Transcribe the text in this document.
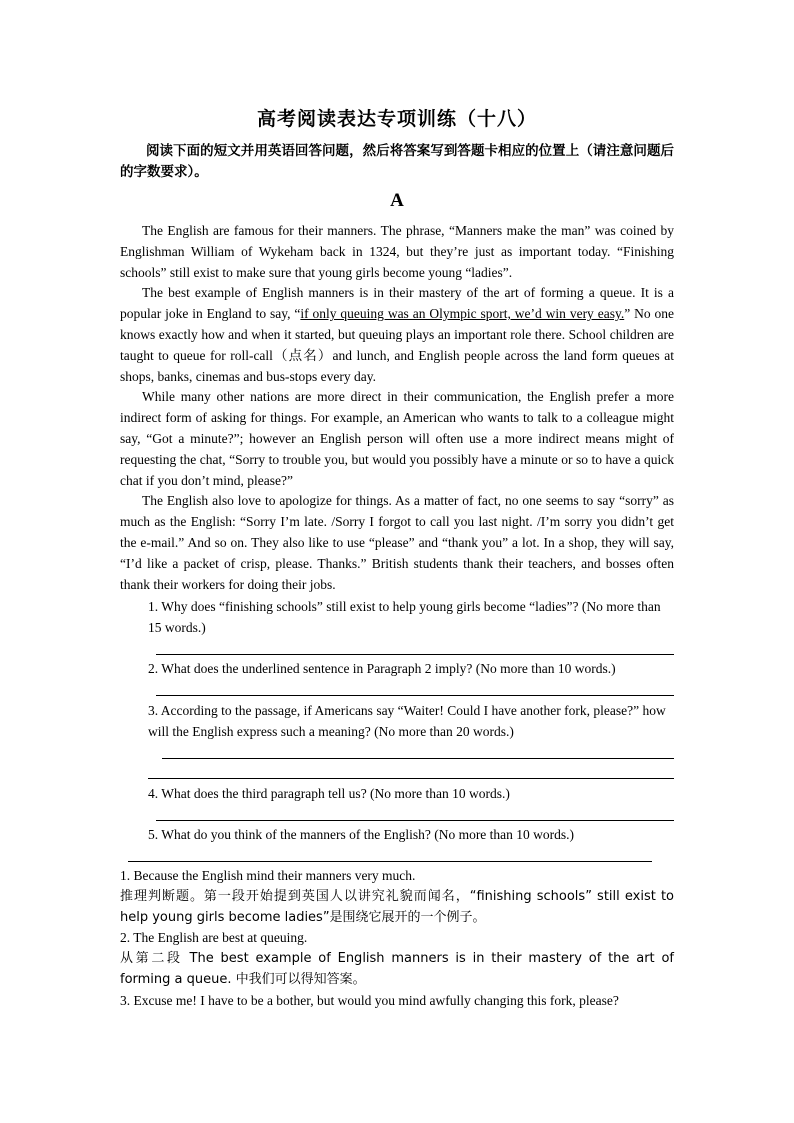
高考阅读表达专项训练（十八）
阅读下面的短文并用英语回答问题，然后将答案写到答题卡相应的位置上（请注意问题后的字数要求）。
A

The English are famous for their manners. The phrase, “Manners make the man” was coined by Englishman William of Wykeham back in 1324, but they’re just as important today. “Finishing schools” still exist to make sure that young girls become young “ladies”.

The best example of English manners is in their mastery of the art of forming a queue. It is a popular joke in England to say, “if only queuing was an Olympic sport, we’d win very easy.” No one knows exactly how and when it started, but queuing plays an important role there. School children are taught to queue for roll-call（点名）and lunch, and English people across the land form queues at shops, banks, cinemas and bus-stops every day.

While many other nations are more direct in their communication, the English prefer a more indirect form of asking for things. For example, an American who wants to talk to a colleague might say, “Got a minute?”; however an English person will often use a more indirect means might of requesting the chat, “Sorry to trouble you, but would you possibly have a minute or so to have a quick chat if you don’t mind, please?”

The English also love to apologize for things. As a matter of fact, no one seems to say “sorry” as much as the English: “Sorry I’m late. /Sorry I forgot to call you last night. /I’m sorry you didn’t get the e-mail.” And so on. They also like to use “please” and “thank you” a lot. In a shop, they will say, “I’d like a packet of crisp, please. Thanks.” British students thank their teachers, and bosses often thank their workers for doing their jobs.

1. Why does “finishing schools” still exist to help young girls become “ladies”? (No more than 15 words.)
2. What does the underlined sentence in Paragraph 2 imply? (No more than 10 words.)
3. According to the passage, if Americans say “Waiter! Could I have another fork, please?” how will the English express such a meaning? (No more than 20 words.)
4. What does the third paragraph tell us? (No more than 10 words.)
5. What do you think of the manners of the English? (No more than 10 words.)

1. Because the English mind their manners very much.

推理判断题。第一段开始提到英国人以讲究礼貌而闻名，“finishing schools” still exist to help young girls become ladies”是围绕它展开的一个例子。

2. The English are best at queuing.

从第二段 The best example of English manners is in their mastery of the art of forming a queue. 中我们可以得知答案。

3. Excuse me! I have to be a bother, but would you mind awfully changing this fork, please?
